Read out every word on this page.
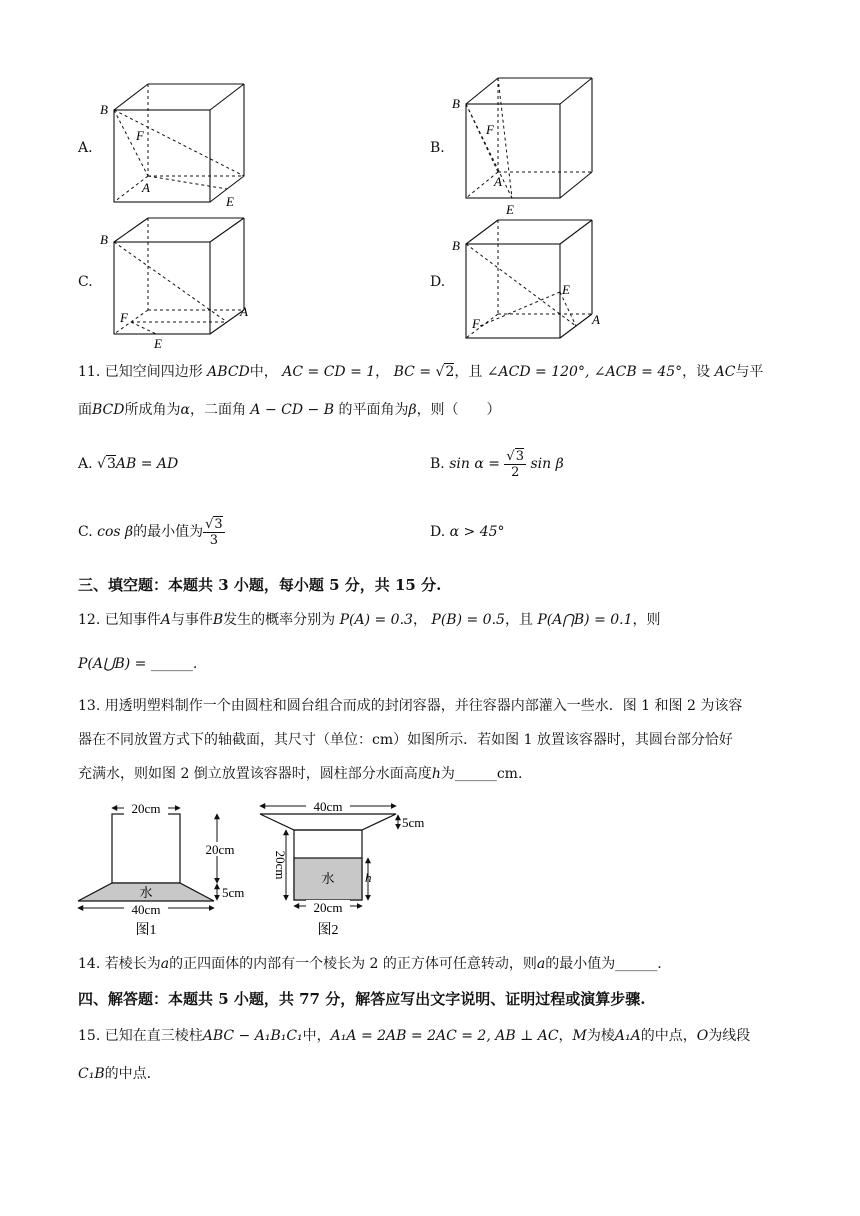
A.
B
F
A
E
B.
B
F
A
E
C.
B
F
E
A
D.
B
E
F	A
11. 已知空间四边形 ABCD中， AC = CD = 1， BC = √2，且 ∠ACD = 120°, ∠ACB = 45°，设 AC与平
面BCD所成角为α，二面角 A − CD − B 的平面角为β，则（　　）
A. √3AB = AD	B. $\sin \alpha = \frac{√3}{2}$ sin β
C. cos β的最小值为 $\frac{√3}{3}$	D. α > 45°
三、填空题：本题共 3 小题，每小题 5 分，共 15 分.
12. 已知事件A与事件B发生的概率分别为 P(A) = 0.3， P(B) = 0.5，且 P(A⋂B) = 0.1，则
P(A⋃B) = ______.
13. 用透明塑料制作一个由圆柱和圆台组合而成的封闭容器，并往容器内部灌入一些水．图 1 和图 2 为该容
器在不同放置方式下的轴截面，其尺寸（单位：cm）如图所示．若如图 1 放置该容器时，其圆台部分恰好
充满水，则如图 2 倒立放置该容器时，圆柱部分水面高度h为______cm.
20cm
20cm
5cm
水
40cm
图1
40cm
5cm
20cm	水 h
20cm
图2
14. 若棱长为a的正四面体的内部有一个棱长为 2 的正方体可任意转动，则a的最小值为______.
四、解答题：本题共 5 小题，共 77 分，解答应写出文字说明、证明过程或演算步骤.
15. 已知在直三棱柱ABC − A₁B₁C₁中，A₁A = 2AB = 2AC = 2, AB ⊥ AC，M为棱A₁A的中点，O为线段
C₁B的中点.
